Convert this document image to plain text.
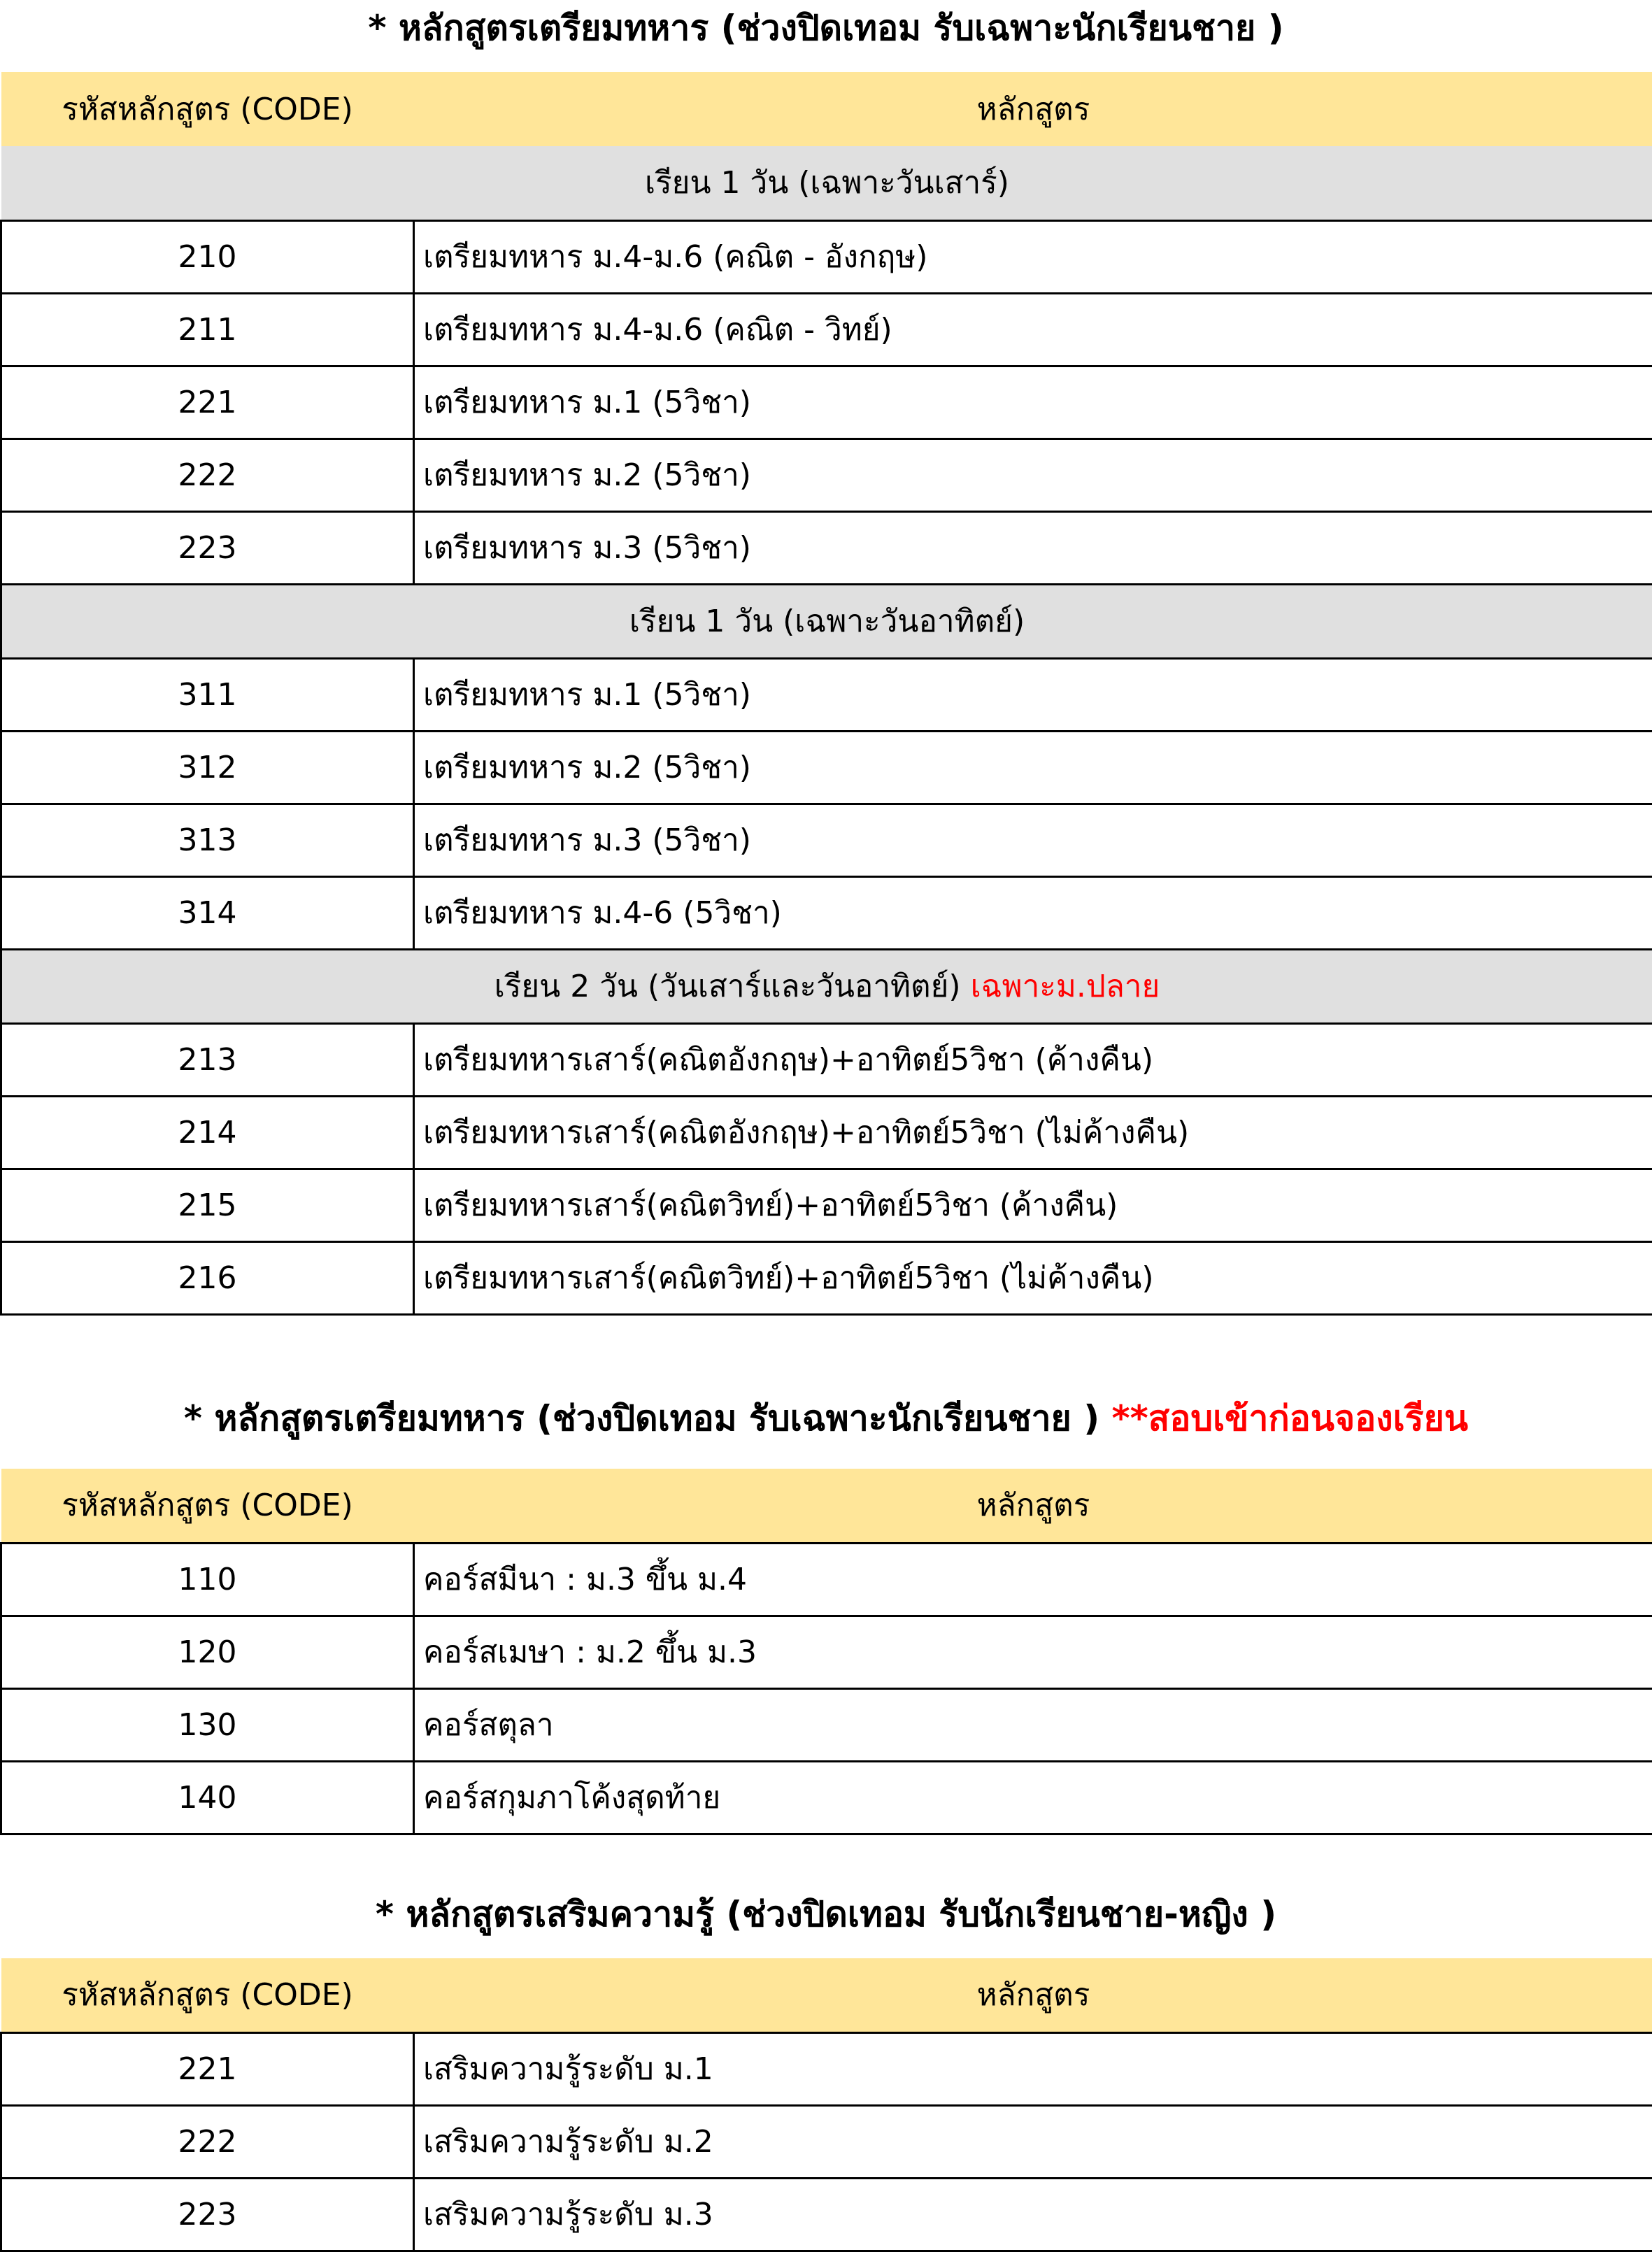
* หลักสูตรเตรียมทหาร (ช่วงปิดเทอม รับเฉพาะนักเรียนชาย )
รหัสหลักสูตร (CODE)	หลักสูตร
เรียน 1 วัน (เฉพาะวันเสาร์)	
210	เตรียมทหาร ม.4-ม.6 (คณิต - อังกฤษ)
211	เตรียมทหาร ม.4-ม.6 (คณิต - วิทย์)
221	เตรียมทหาร ม.1 (5วิชา)
222	เตรียมทหาร ม.2 (5วิชา)
223	เตรียมทหาร ม.3 (5วิชา)
เรียน 1 วัน (เฉพาะวันอาทิตย์)	
311	เตรียมทหาร ม.1 (5วิชา)
312	เตรียมทหาร ม.2 (5วิชา)
313	เตรียมทหาร ม.3 (5วิชา)
314	เตรียมทหาร ม.4-6 (5วิชา)
เรียน 2 วัน (วันเสาร์และวันอาทิตย์) เฉพาะม.ปลาย	
213	เตรียมทหารเสาร์(คณิตอังกฤษ)+อาทิตย์5วิชา (ค้างคืน)
214	เตรียมทหารเสาร์(คณิตอังกฤษ)+อาทิตย์5วิชา (ไม่ค้างคืน)
215	เตรียมทหารเสาร์(คณิตวิทย์)+อาทิตย์5วิชา (ค้างคืน)
216	เตรียมทหารเสาร์(คณิตวิทย์)+อาทิตย์5วิชา (ไม่ค้างคืน)
* หลักสูตรเตรียมทหาร (ช่วงปิดเทอม รับเฉพาะนักเรียนชาย ) **สอบเข้าก่อนจองเรียน
รหัสหลักสูตร (CODE)	หลักสูตร
110	คอร์สมีนา : ม.3 ขึ้น ม.4
120	คอร์สเมษา : ม.2 ขึ้น ม.3
130	คอร์สตุลา
140	คอร์สกุมภาโค้งสุดท้าย
* หลักสูตรเสริมความรู้ (ช่วงปิดเทอม รับนักเรียนชาย-หญิง )
รหัสหลักสูตร (CODE)	หลักสูตร
221	เสริมความรู้ระดับ ม.1
222	เสริมความรู้ระดับ ม.2
223	เสริมความรู้ระดับ ม.3
